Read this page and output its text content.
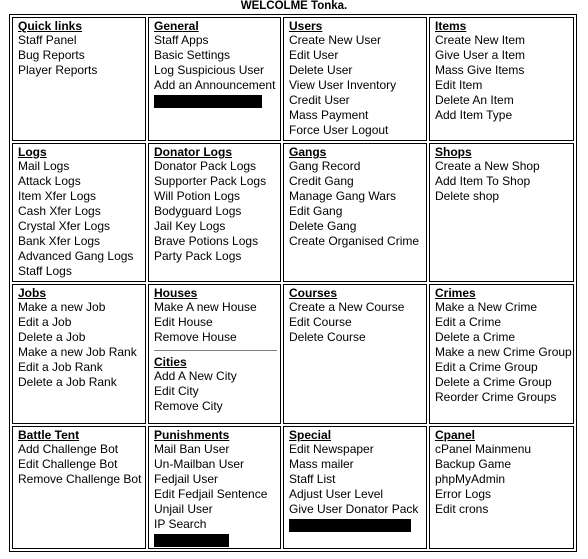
WELCOLME Tonka.
Quick links
Staff Panel
Bug Reports
Player Reports
General
Staff Apps
Basic Settings
Log Suspicious User
Add an Announcement
Users
Create New User
Edit User
Delete User
View User Inventory
Credit User
Mass Payment
Force User Logout
Items
Create New Item
Give User a Item
Mass Give Items
Edit Item
Delete An Item
Add Item Type
Logs
Mail Logs
Attack Logs
Item Xfer Logs
Cash Xfer Logs
Crystal Xfer Logs
Bank Xfer Logs
Advanced Gang Logs
Staff Logs
Donator Logs
Donator Pack Logs
Supporter Pack Logs
Will Potion Logs
Bodyguard Logs
Jail Key Logs
Brave Potions Logs
Party Pack Logs
Gangs
Gang Record
Credit Gang
Manage Gang Wars
Edit Gang
Delete Gang
Create Organised Crime
Shops
Create a New Shop
Add Item To Shop
Delete shop
Jobs
Make a new Job
Edit a Job
Delete a Job
Make a new Job Rank
Edit a Job Rank
Delete a Job Rank
Houses
Make A new House
Edit House
Remove House
Cities
Add A New City
Edit City
Remove City
Courses
Create a New Course
Edit Course
Delete Course
Crimes
Make a New Crime
Edit a Crime
Delete a Crime
Make a new Crime Group
Edit a Crime Group
Delete a Crime Group
Reorder Crime Groups
Battle Tent
Add Challenge Bot
Edit Challenge Bot
Remove Challenge Bot
Punishments
Mail Ban User
Un-Mailban User
Fedjail User
Edit Fedjail Sentence
Unjail User
IP Search
Special
Edit Newspaper
Mass mailer
Staff List
Adjust User Level
Give User Donator Pack
Cpanel
cPanel Mainmenu
Backup Game
phpMyAdmin
Error Logs
Edit crons
